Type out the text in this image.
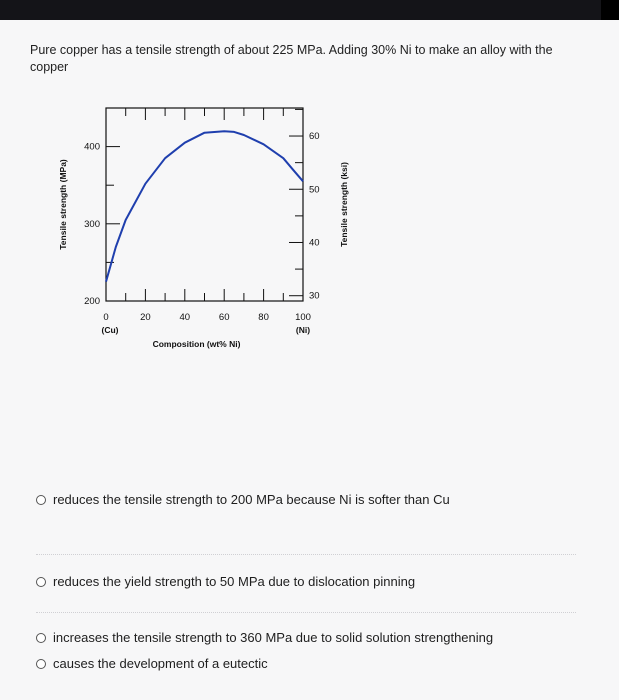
Pure copper has a tensile strength of about 225 MPa. Adding 30% Ni to make an alloy with the copper
0
(Cu)
20	40	60	80	100
(Ni)
200
300
400
30
40
50
60
Composition (wt% Ni)
Tensile strength (MPa)	Tensile strength (ksi)
reduces the tensile strength to 200 MPa because Ni is softer than Cu
reduces the yield strength to 50 MPa due to dislocation pinning
increases the tensile strength to 360 MPa due to solid solution strengthening
causes the development of a eutectic
